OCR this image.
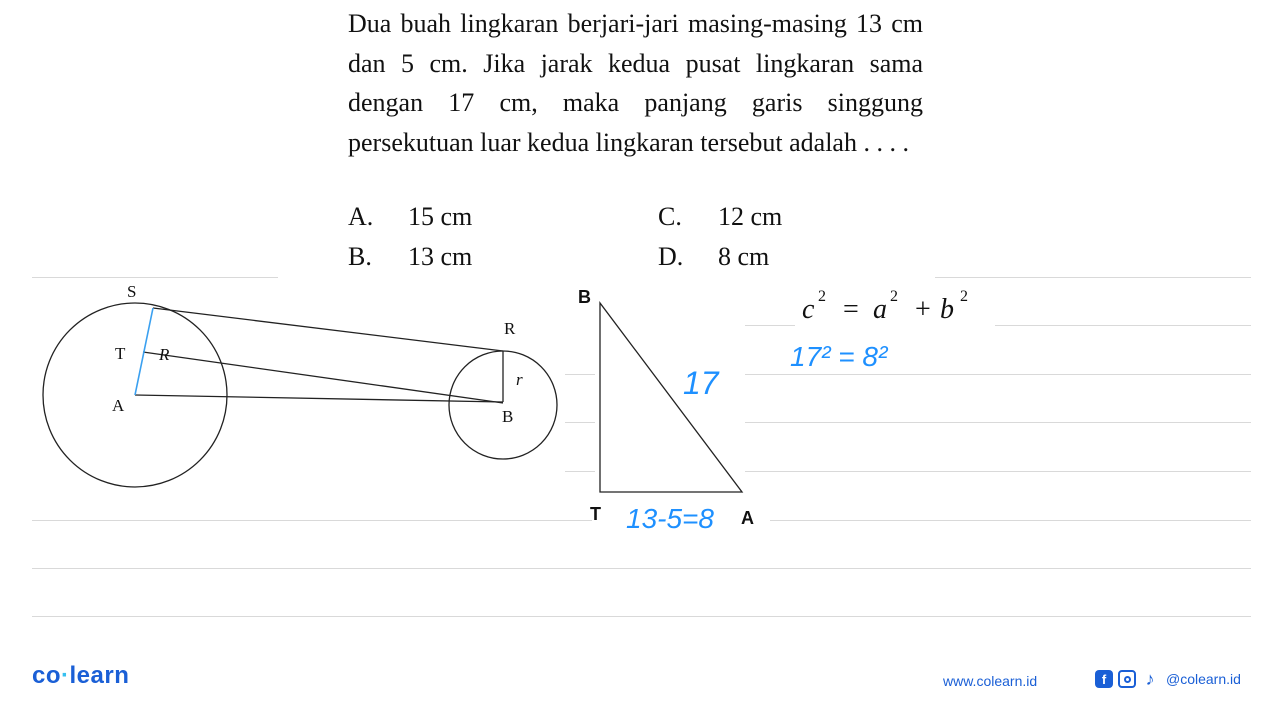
Dua buah lingkaran berjari-jari masing-masing 13 cm dan 5 cm. Jika jarak kedua pusat lingkaran sama dengan 17 cm, maka panjang garis singgung persekutuan luar kedua lingkaran tersebut adalah . . . .

A. 15 cm
B. 13 cm
C. 12 cm
D. 8 cm
S
T R
A
R
r
B
B
T	A
17
13-5=8
c 2 = a 2 + b 2
17² = 8²
co·learn	www.colearn.id	f	♪ @colearn.id
